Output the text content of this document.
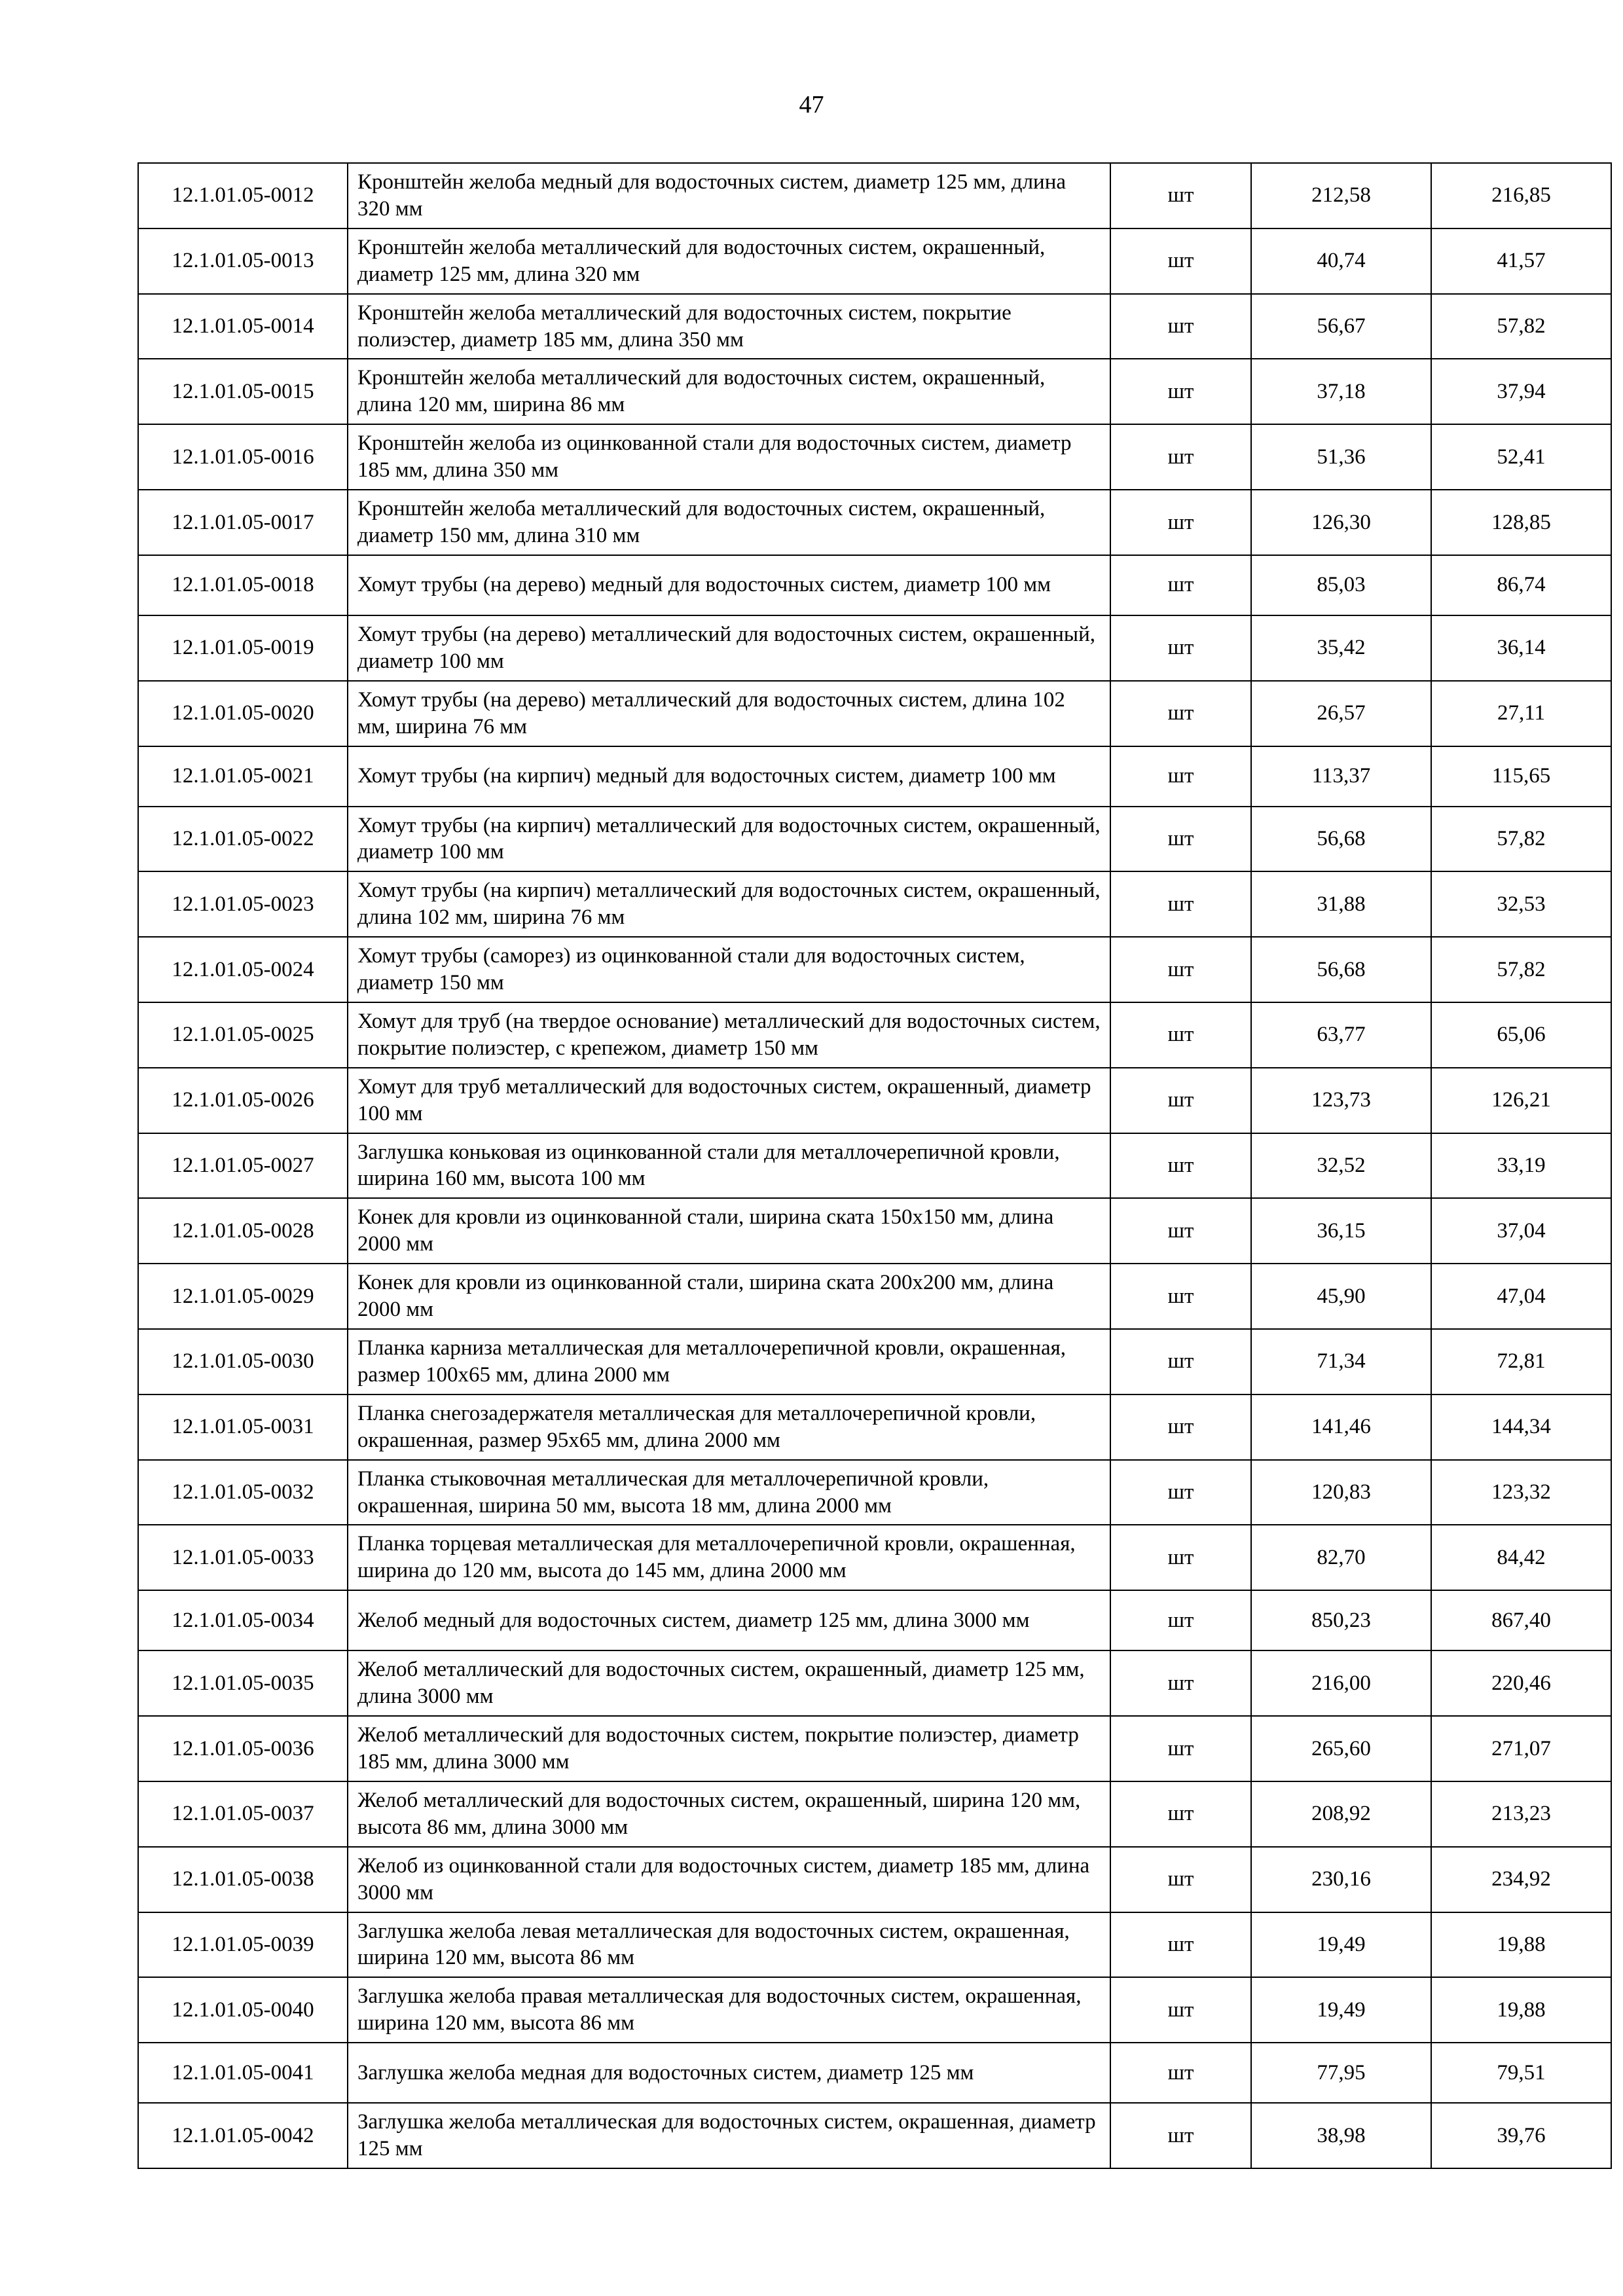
47
12.1.01.05-0012	Кронштейн желоба медный для водосточных систем, диаметр 125 мм, длина 320 мм	шт	212,58	216,85
12.1.01.05-0013	Кронштейн желоба металлический для водосточных систем, окрашенный, диаметр 125 мм, длина 320 мм	шт	40,74	41,57
12.1.01.05-0014	Кронштейн желоба металлический для водосточных систем, покрытие полиэстер, диаметр 185 мм, длина 350 мм	шт	56,67	57,82
12.1.01.05-0015	Кронштейн желоба металлический для водосточных систем, окрашенный, длина 120 мм, ширина 86 мм	шт	37,18	37,94
12.1.01.05-0016	Кронштейн желоба из оцинкованной стали для водосточных систем, диаметр 185 мм, длина 350 мм	шт	51,36	52,41
12.1.01.05-0017	Кронштейн желоба металлический для водосточных систем, окрашенный, диаметр 150 мм, длина 310 мм	шт	126,30	128,85
12.1.01.05-0018	Хомут трубы (на дерево) медный для водосточных систем, диаметр 100 мм	шт	85,03	86,74
12.1.01.05-0019	Хомут трубы (на дерево) металлический для водосточных систем, окрашенный, диаметр 100 мм	шт	35,42	36,14
12.1.01.05-0020	Хомут трубы (на дерево) металлический для водосточных систем, длина 102 мм, ширина 76 мм	шт	26,57	27,11
12.1.01.05-0021	Хомут трубы (на кирпич) медный для водосточных систем, диаметр 100 мм	шт	113,37	115,65
12.1.01.05-0022	Хомут трубы (на кирпич) металлический для водосточных систем, окрашенный, диаметр 100 мм	шт	56,68	57,82
12.1.01.05-0023	Хомут трубы (на кирпич) металлический для водосточных систем, окрашенный, длина 102 мм, ширина 76 мм	шт	31,88	32,53
12.1.01.05-0024	Хомут трубы (саморез) из оцинкованной стали для водосточных систем, диаметр 150 мм	шт	56,68	57,82
12.1.01.05-0025	Хомут для труб (на твердое основание) металлический для водосточных систем, покрытие полиэстер, с крепежом, диаметр 150 мм	шт	63,77	65,06
12.1.01.05-0026	Хомут для труб металлический для водосточных систем, окрашенный, диаметр 100 мм	шт	123,73	126,21
12.1.01.05-0027	Заглушка коньковая из оцинкованной стали для металлочерепичной кровли, ширина 160 мм, высота 100 мм	шт	32,52	33,19
12.1.01.05-0028	Конек для кровли из оцинкованной стали, ширина ската 150х150 мм, длина 2000 мм	шт	36,15	37,04
12.1.01.05-0029	Конек для кровли из оцинкованной стали, ширина ската 200х200 мм, длина 2000 мм	шт	45,90	47,04
12.1.01.05-0030	Планка карниза металлическая для металлочерепичной кровли, окрашенная, размер 100х65 мм, длина 2000 мм	шт	71,34	72,81
12.1.01.05-0031	Планка снегозадержателя металлическая для металлочерепичной кровли, окрашенная, размер 95х65 мм, длина 2000 мм	шт	141,46	144,34
12.1.01.05-0032	Планка стыковочная металлическая для металлочерепичной кровли, окрашенная, ширина 50 мм, высота 18 мм, длина 2000 мм	шт	120,83	123,32
12.1.01.05-0033	Планка торцевая металлическая для металлочерепичной кровли, окрашенная, ширина до 120 мм, высота до 145 мм, длина 2000 мм	шт	82,70	84,42
12.1.01.05-0034	Желоб медный для водосточных систем, диаметр 125 мм, длина 3000 мм	шт	850,23	867,40
12.1.01.05-0035	Желоб металлический для водосточных систем, окрашенный, диаметр 125 мм, длина 3000 мм	шт	216,00	220,46
12.1.01.05-0036	Желоб металлический для водосточных систем, покрытие полиэстер, диаметр 185 мм, длина 3000 мм	шт	265,60	271,07
12.1.01.05-0037	Желоб металлический для водосточных систем, окрашенный, ширина 120 мм, высота 86 мм, длина 3000 мм	шт	208,92	213,23
12.1.01.05-0038	Желоб из оцинкованной стали для водосточных систем, диаметр 185 мм, длина 3000 мм	шт	230,16	234,92
12.1.01.05-0039	Заглушка желоба левая металлическая для водосточных систем, окрашенная, ширина 120 мм, высота 86 мм	шт	19,49	19,88
12.1.01.05-0040	Заглушка желоба правая металлическая для водосточных систем, окрашенная, ширина 120 мм, высота 86 мм	шт	19,49	19,88
12.1.01.05-0041	Заглушка желоба медная для водосточных систем, диаметр 125 мм	шт	77,95	79,51
12.1.01.05-0042	Заглушка желоба металлическая для водосточных систем, окрашенная, диаметр 125 мм	шт	38,98	39,76
